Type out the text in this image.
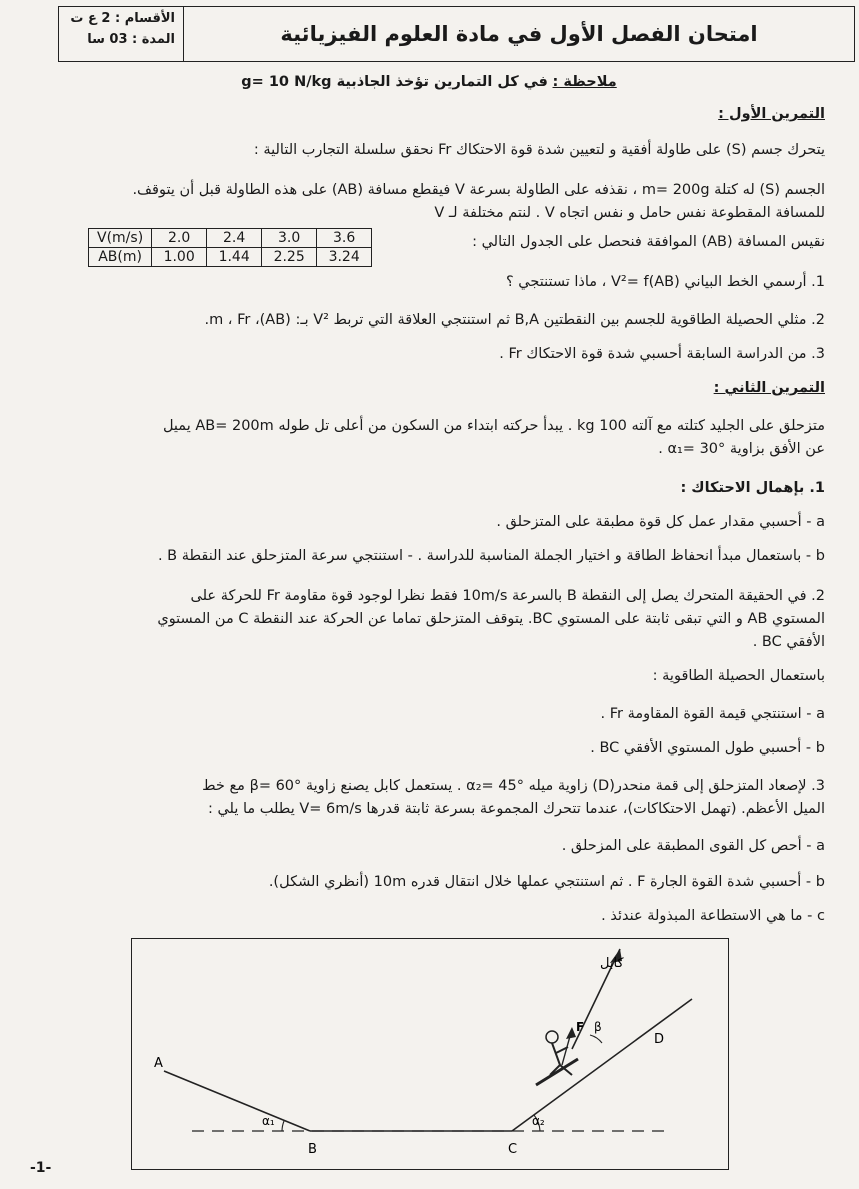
امتحان الفصل الأول في مادة العلوم الفيزيائية
الأقسام : 2 ع ت
المدة : 03 سا
ملاحظة : في كل التمارين تؤخذ الجاذبية g= 10 N/kg
التمرين الأول :
يتحرك جسم (S) على طاولة أفقية و لتعيين شدة قوة الاحتكاك Fr نحقق سلسلة التجارب التالية :
الجسم (S) له كتلة m= 200g ، نقذفه على الطاولة بسرعة V فيقطع مسافة (AB) على هذه الطاولة قبل أن يتوقف.
للمسافة المقطوعة نفس حامل و نفس اتجاه V . لنتم مختلفة لـ V
نقيس المسافة (AB) الموافقة فنحصل على الجدول التالي :
V(m/s)	2.0	2.4	3.0	3.6
AB(m)	1.00	1.44	2.25	3.24
1. أرسمي الخط البياني V²= f(AB) ، ماذا تستنتجي ؟
2. مثلي الحصيلة الطاقوية للجسم بين النقطتين B,A ثم استنتجي العلاقة التي تربط V² بـ: (AB)، m ، Fr.
3. من الدراسة السابقة أحسبي شدة قوة الاحتكاك Fr .
التمرين الثاني :
متزحلق على الجليد كتلته مع آلته 100 kg . يبدأ حركته ابتداء من السكون من أعلى تل طوله AB= 200m يميل
عن الأفق بزاوية α₁= 30° .
1. بإهمال الاحتكاك :
a - أحسبي مقدار عمل كل قوة مطبقة على المتزحلق .
b - باستعمال مبدأ انحفاظ الطاقة و اختيار الجملة المناسبة للدراسة . - استنتجي سرعة المتزحلق عند النقطة B .
2. في الحقيقة المتحرك يصل إلى النقطة B بالسرعة 10m/s فقط نظرا لوجود قوة مقاومة Fr للحركة على
المستوي AB و التي تبقى ثابتة على المستوي BC. يتوقف المتزحلق تماما عن الحركة عند النقطة C من المستوي
الأفقي BC .
باستعمال الحصيلة الطاقوية :
a - استنتجي قيمة القوة المقاومة Fr .
b - أحسبي طول المستوي الأفقي BC .
3. لإصعاد المتزحلق إلى قمة منحدر(D) زاوية ميله α₂= 45° . يستعمل كابل يصنع زاوية β= 60° مع خط
الميل الأعظم. (تهمل الاحتكاكات)، عندما تتحرك المجموعة بسرعة ثابتة قدرها V= 6m/s يطلب ما يلي :
a - أحص كل القوى المطبقة على المزحلق .
b - أحسبي شدة القوة الجارة F . ثم استنتجي عملها خلال انتقال قدره 10m (أنظري الشكل).
c - ما هي الاستطاعة المبذولة عندئذ .
A
B	C
D
α₁	α₂
β
F
كابل
-1-
